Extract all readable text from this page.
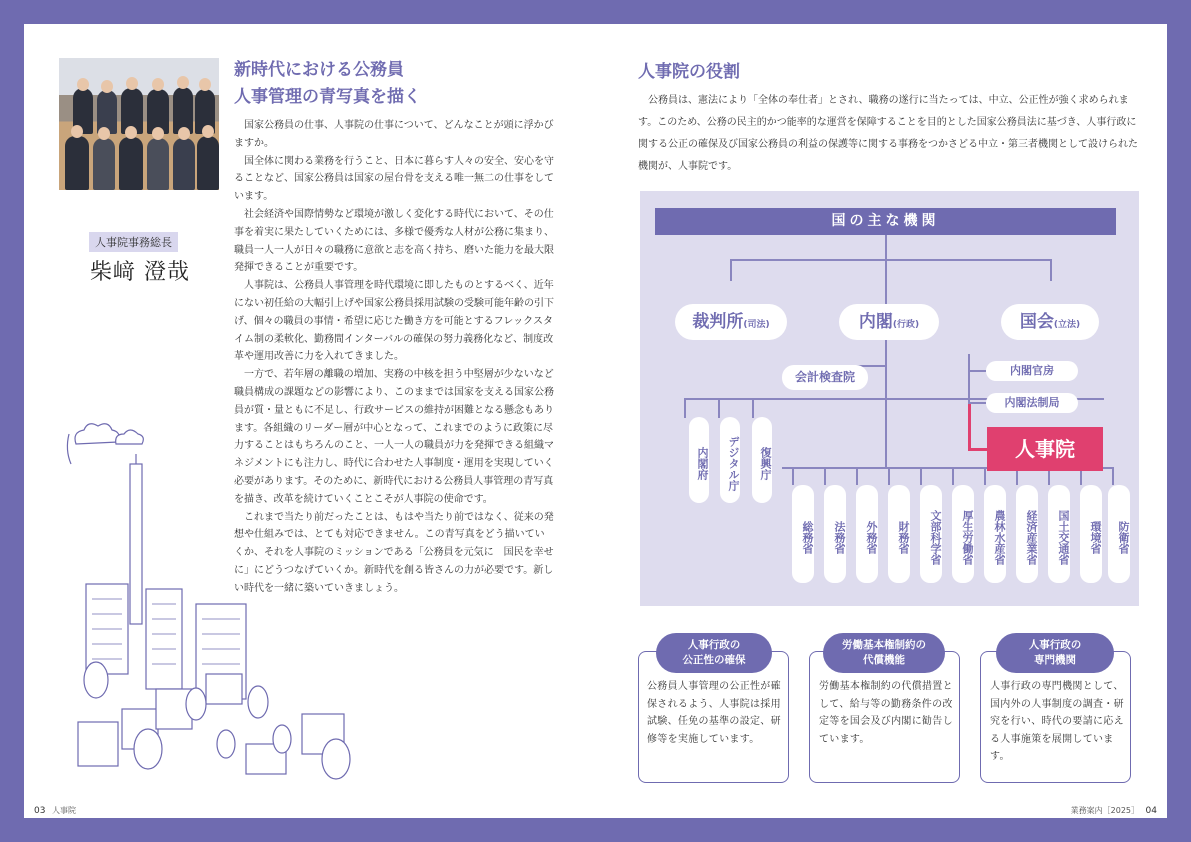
人事院事務総長
柴﨑 澄哉
新時代における公務員
人事管理の青写真を描く

国家公務員の仕事、人事院の仕事について、どんなことが頭に浮かびますか。

国全体に関わる業務を行うこと、日本に暮らす人々の安全、安心を守ることなど、国家公務員は国家の屋台骨を支える唯一無二の仕事をしています。

社会経済や国際情勢など環境が激しく変化する時代において、その仕事を着実に果たしていくためには、多様で優秀な人材が公務に集まり、職員一人一人が日々の職務に意欲と志を高く持ち、磨いた能力を最大限発揮できることが重要です。

人事院は、公務員人事管理を時代環境に即したものとするべく、近年にない初任給の大幅引上げや国家公務員採用試験の受験可能年齢の引下げ、個々の職員の事情・希望に応じた働き方を可能とするフレックスタイム制の柔軟化、勤務間インターバルの確保の努力義務化など、制度改革や運用改善に力を入れてきました。

一方で、若年層の離職の増加、実務の中核を担う中堅層が少ないなど職員構成の課題などの影響により、このままでは国家を支える国家公務員が質・量ともに不足し、行政サービスの維持が困難となる懸念もあります。各組織のリーダー層が中心となって、これまでのように政策に尽力することはもちろんのこと、一人一人の職員が力を発揮できる組織マネジメントにも注力し、時代に合わせた人事制度・運用を実現していく必要があります。そのために、新時代における公務員人事管理の青写真を描き、改革を続けていくことこそが人事院の使命です。

これまで当たり前だったことは、もはや当たり前ではなく、従来の発想や仕組みでは、とても対応できません。この青写真をどう描いていくか、それを人事院のミッションである「公務員を元気に　国民を幸せに」にどうつなげていくか。新時代を創る皆さんの力が必要です。新しい時代を一緒に築いていきましょう。

03 人事院
人事院の役割
公務員は、憲法により「全体の奉仕者」とされ、職務の遂行に当たっては、中立、公正性が強く求められます。このため、公務の民主的かつ能率的な運営を保障することを目的とした国家公務員法に基づき、人事行政に関する公正の確保及び国家公務員の利益の保護等に関する事務をつかさどる中立・第三者機関として設けられた機関が、人事院です。
国の主な機関
裁判所(司法)	内閣(行政)	国会(立法)
会計検査院	内閣官房
内閣法制局
人事院
内閣府	デジタル庁	復興庁
総務省	法務省	外務省	財務省	文部科学省	厚生労働省	農林水産省	経済産業省	国土交通省	環境省	防衛省
人事行政の
公正性の確保
公務員人事管理の公正性が確保されるよう、人事院は採用試験、任免の基準の設定、研修等を実施しています。
労働基本権制約の
代償機能
労働基本権制約の代償措置として、給与等の勤務条件の改定等を国会及び内閣に勧告しています。
人事行政の
専門機関
人事行政の専門機関として、国内外の人事制度の調査・研究を行い、時代の要請に応える人事施策を展開しています。
業務案内［2025］ 04
